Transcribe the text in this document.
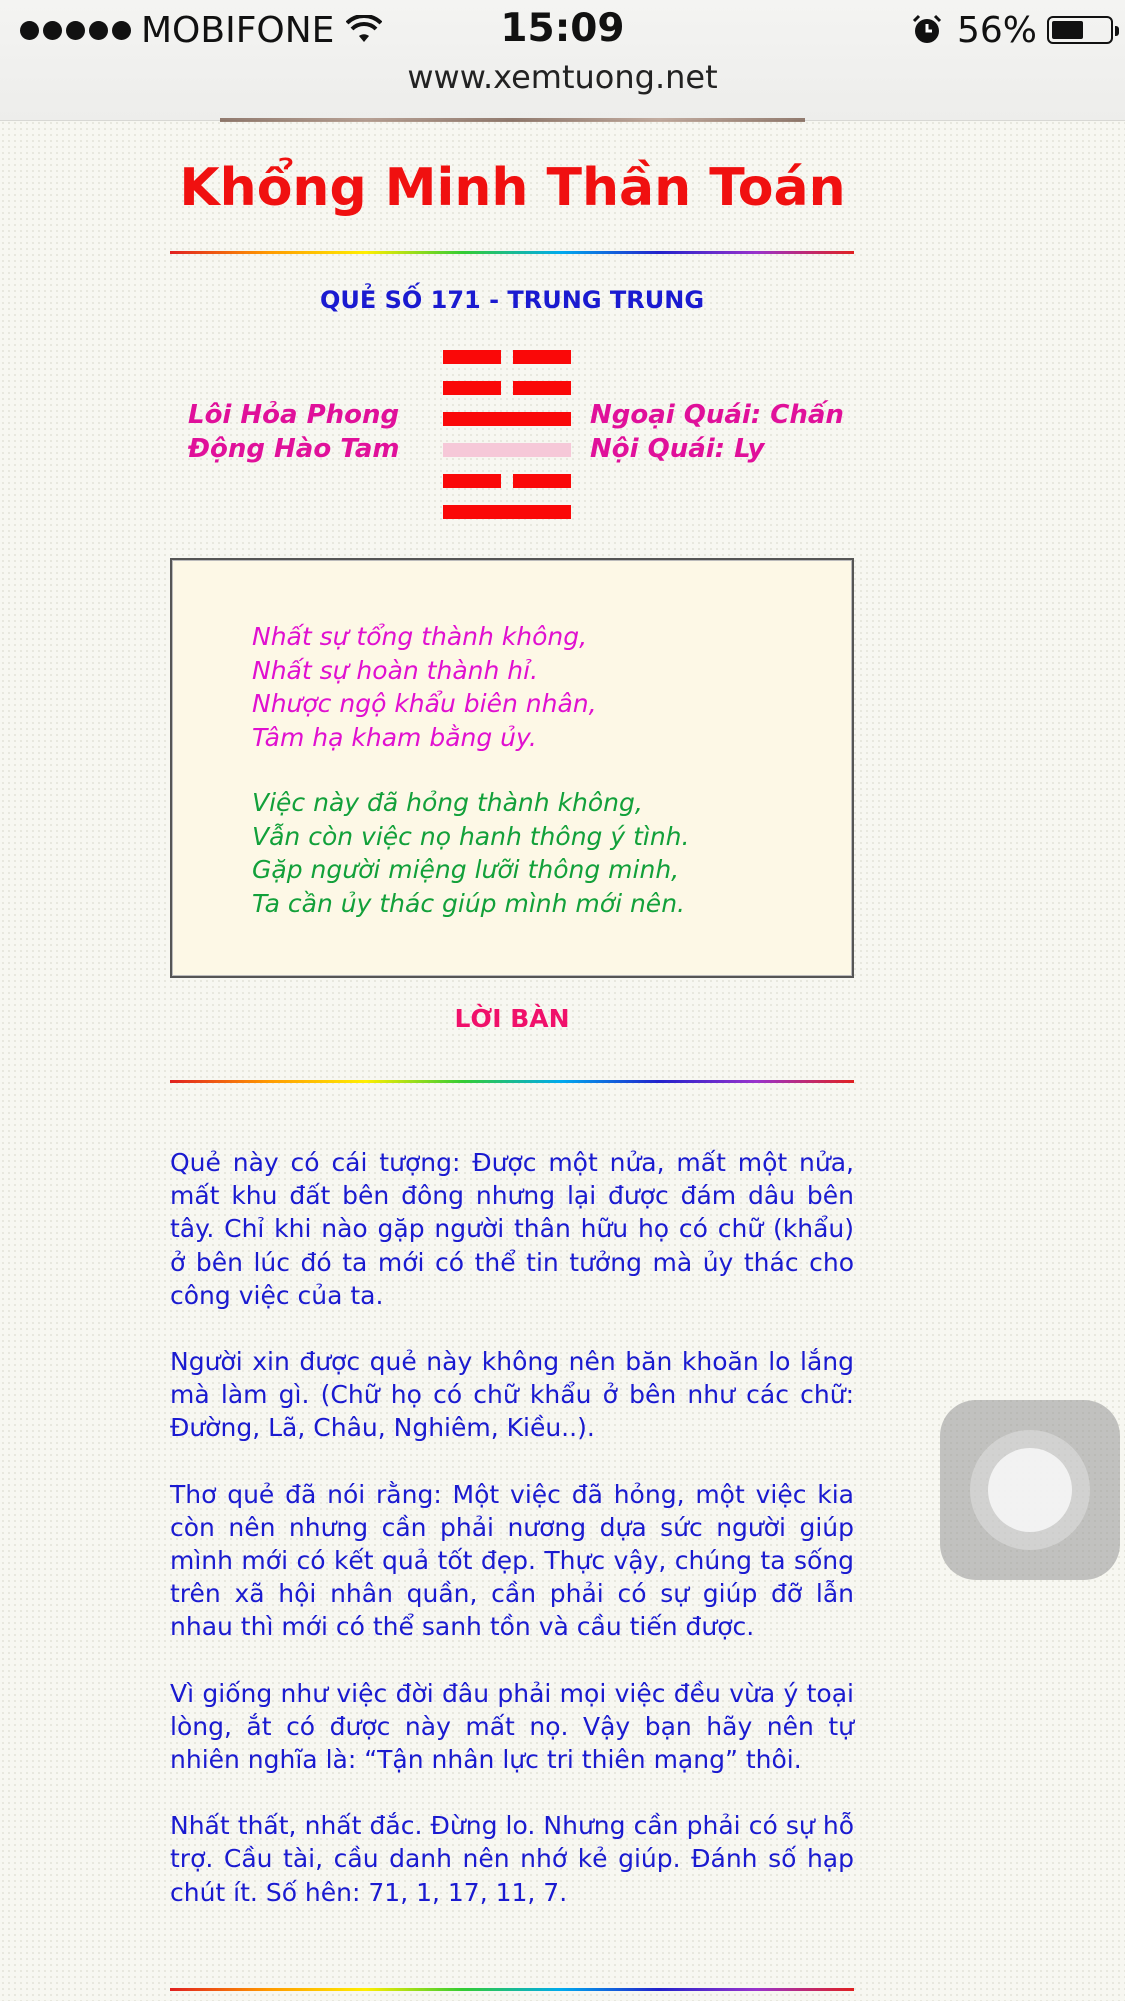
MOBIFONE	15:09	56%
www.xemtuong.net
Khổng Minh Thần Toán
QUẺ SỐ 171 - TRUNG TRUNG
Lôi Hỏa Phong
Động Hào Tam
Ngoại Quái: Chấn
Nội Quái: Ly
Nhất sự tổng thành không,
Nhất sự hoàn thành hỉ.
Nhược ngộ khẩu biên nhân,
Tâm hạ kham bằng ủy.
Việc này đã hỏng thành không,
Vẫn còn việc nọ hanh thông ý tình.
Gặp người miệng lưỡi thông minh,
Ta cần ủy thác giúp mình mới nên.
LỜI BÀN

Quẻ này có cái tượng: Được một nửa, mất một nửa, mất khu đất bên đông nhưng lại được đám dâu bên tây. Chỉ khi nào gặp người thân hữu họ có chữ (khẩu) ở bên lúc đó ta mới có thể tin tưởng mà ủy thác cho công việc của ta.

Người xin được quẻ này không nên băn khoăn lo lắng mà làm gì. (Chữ họ có chữ khẩu ở bên như các chữ: Đường, Lã, Châu, Nghiêm, Kiều..).

Thơ quẻ đã nói rằng: Một việc đã hỏng, một việc kia còn nên nhưng cần phải nương dựa sức người giúp mình mới có kết quả tốt đẹp. Thực vậy, chúng ta sống trên xã hội nhân quần, cần phải có sự giúp đỡ lẫn nhau thì mới có thể sanh tồn và cầu tiến được.

Vì giống như việc đời đâu phải mọi việc đều vừa ý toại lòng, ắt có được này mất nọ. Vậy bạn hãy nên tự nhiên nghĩa là: “Tận nhân lực tri thiên mạng” thôi.

Nhất thất, nhất đắc. Đừng lo. Nhưng cần phải có sự hỗ trợ. Cầu tài, cầu danh nên nhớ kẻ giúp. Đánh số hạp chút ít. Số hên: 71, 1, 17, 11, 7.
